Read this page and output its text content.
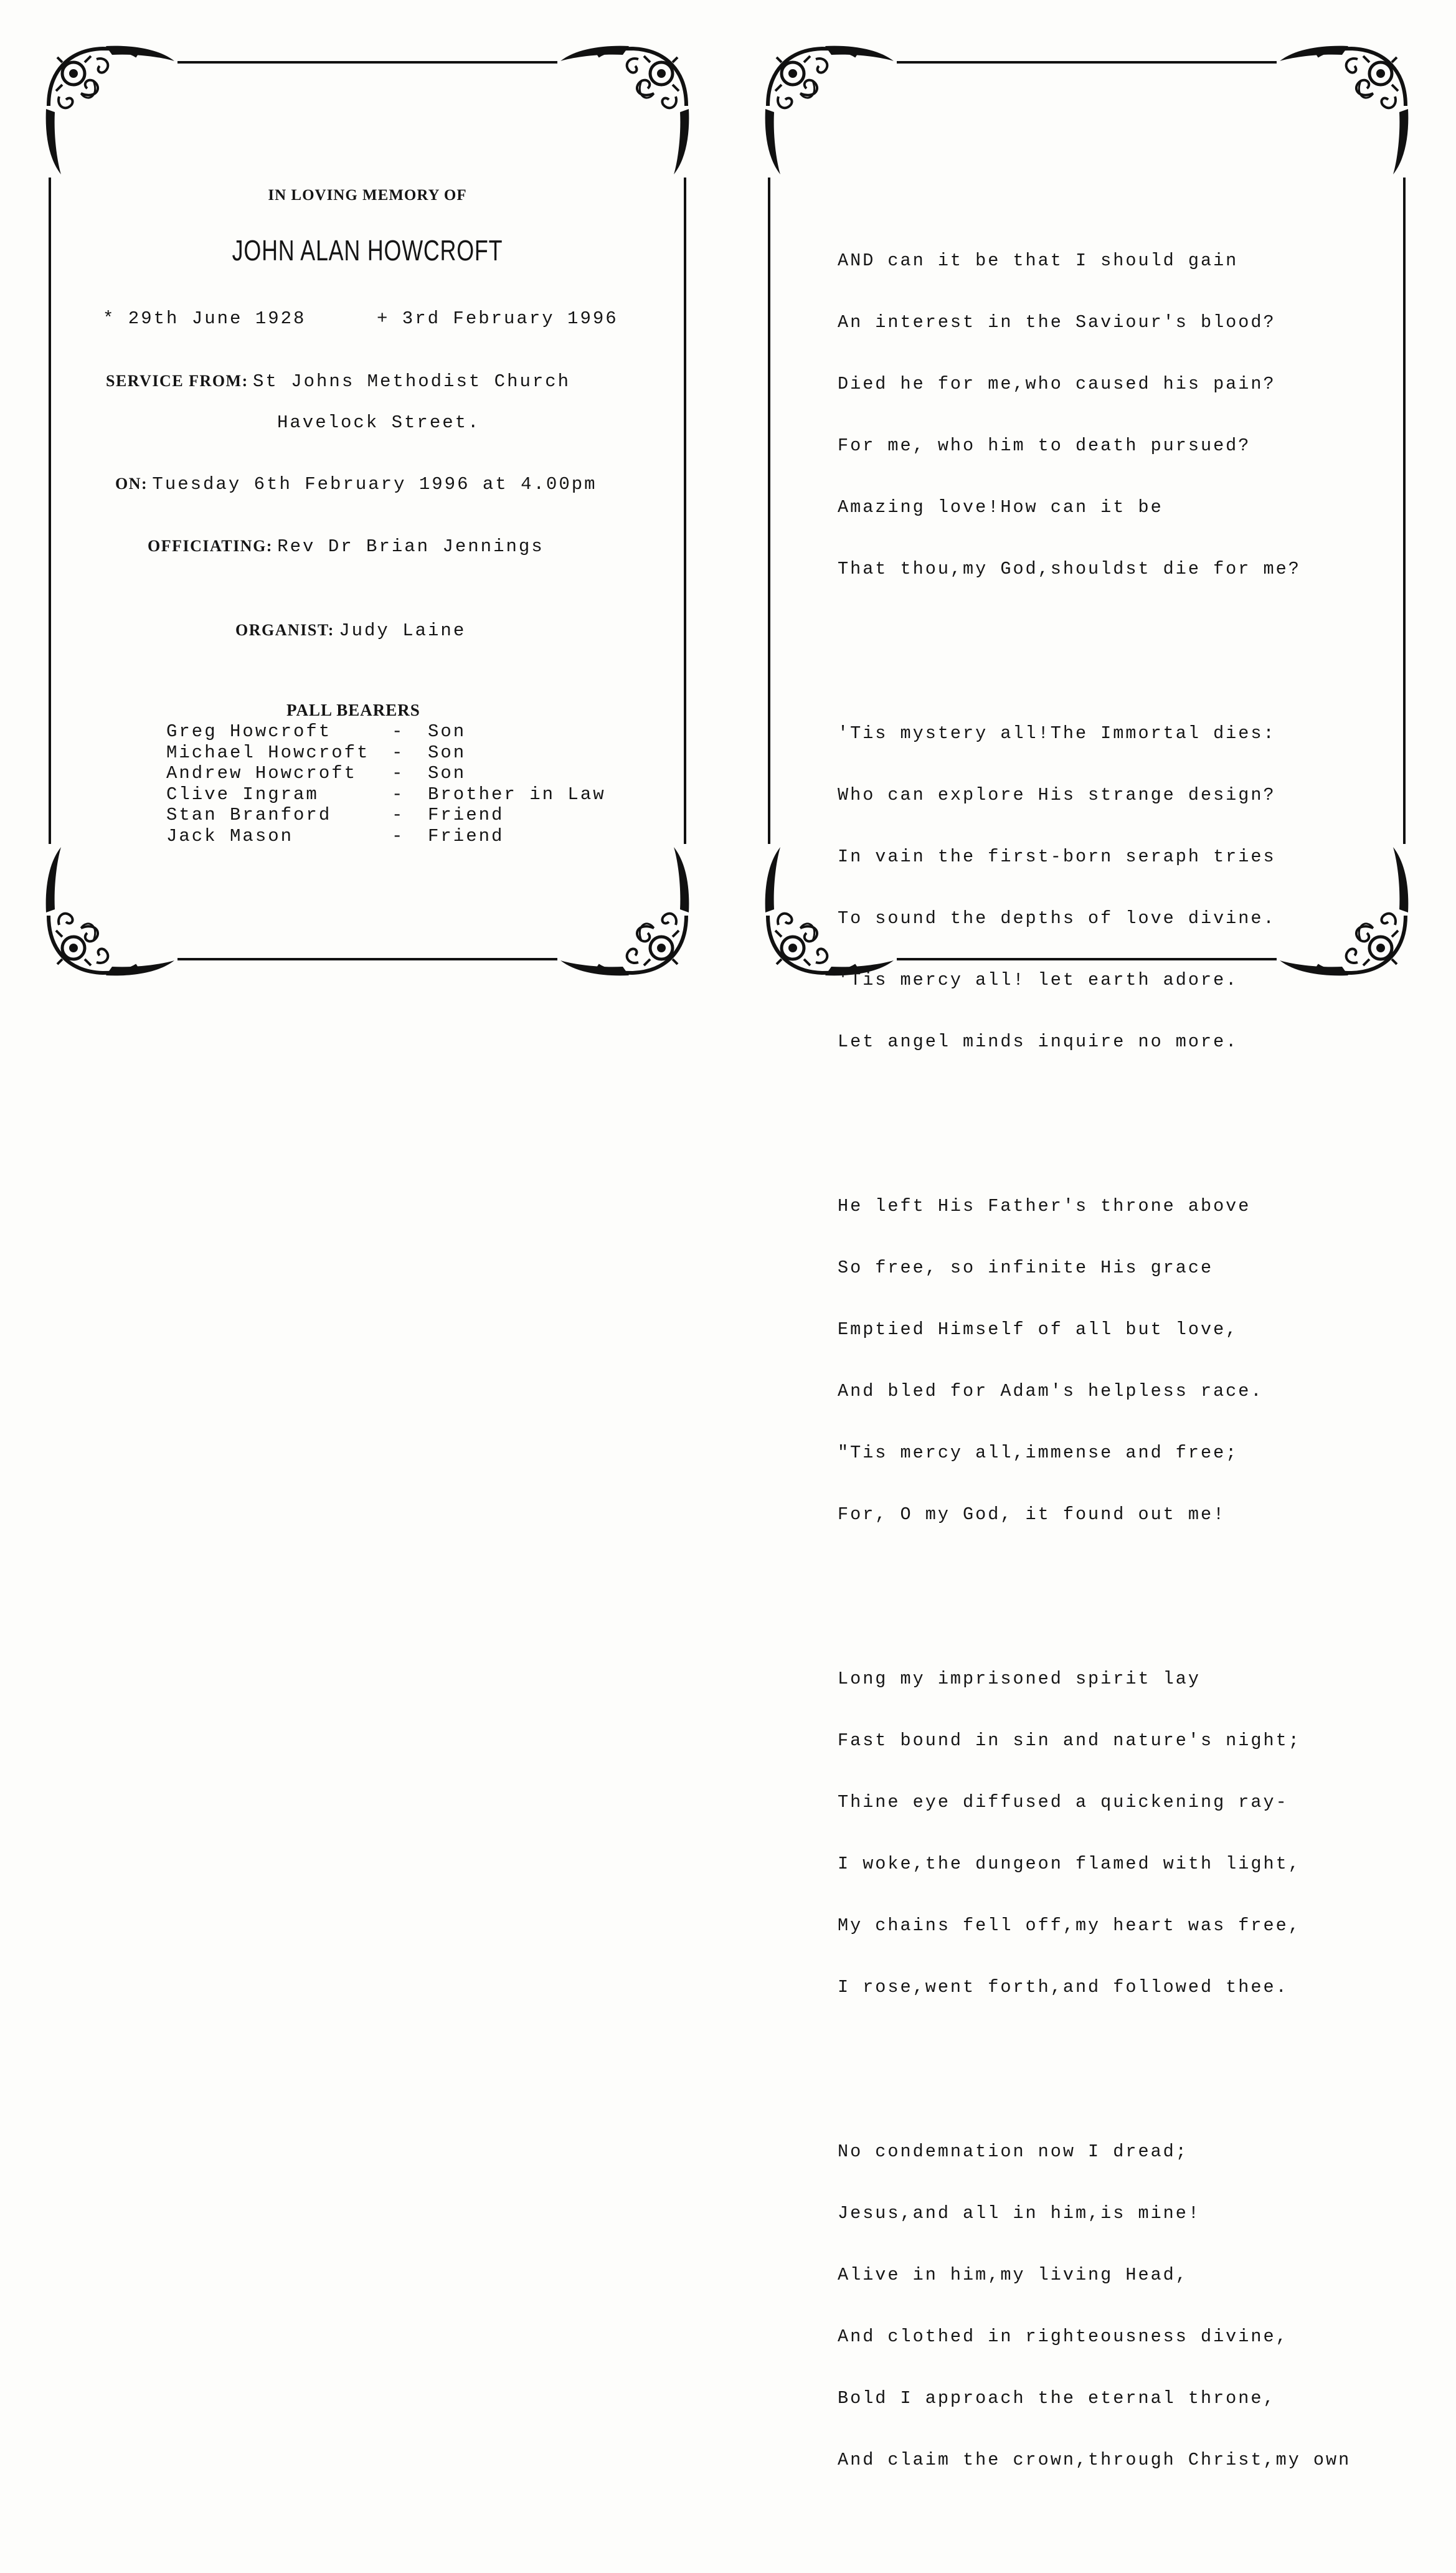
IN LOVING MEMORY OF
JOHN ALAN HOWCROFT
* 29th June 1928	+ 3rd February 1996
SERVICE FROM: St Johns Methodist Church
Havelock Street.
ON: Tuesday 6th February 1996 at 4.00pm
OFFICIATING: Rev Dr Brian Jennings
ORGANIST: Judy Laine
PALL BEARERS
Greg Howcroft	- Son
Michael Howcroft - Son
Andrew Howcroft - Son
Clive Ingram	- Brother in Law
Stan Branford	- Friend
Jack Mason	- Friend

AND can it be that I should gain

An interest in the Saviour's blood?

Died he for me,who caused his pain?

For me, who him to death pursued?

Amazing love!How can it be

That thou,my God,shouldst die for me?

'Tis mystery all!The Immortal dies:

Who can explore His strange design?

In vain the first-born seraph tries

To sound the depths of love divine.

'Tis mercy all! let earth adore.

Let angel minds inquire no more.

He left His Father's throne above

So free, so infinite His grace

Emptied Himself of all but love,

And bled for Adam's helpless race.

"Tis mercy all,immense and free;

For, O my God, it found out me!

Long my imprisoned spirit lay

Fast bound in sin and nature's night;

Thine eye diffused a quickening ray-

I woke,the dungeon flamed with light,

My chains fell off,my heart was free,

I rose,went forth,and followed thee.

No condemnation now I dread;

Jesus,and all in him,is mine!

Alive in him,my living Head,

And clothed in righteousness divine,

Bold I approach the eternal throne,

And claim the crown,through Christ,my own
